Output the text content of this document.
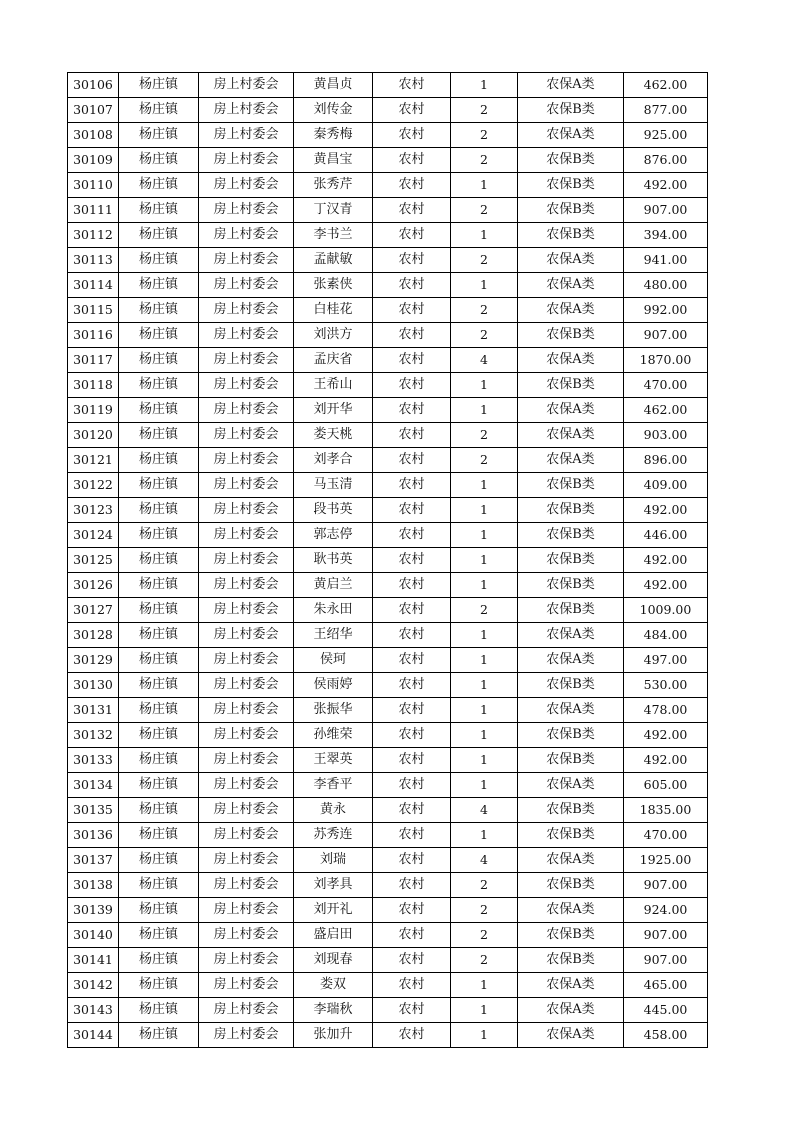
30106	杨庄镇	房上村委会	黄昌贞	农村	1	农保A类	462.00
30107	杨庄镇	房上村委会	刘传金	农村	2	农保B类	877.00
30108	杨庄镇	房上村委会	秦秀梅	农村	2	农保A类	925.00
30109	杨庄镇	房上村委会	黄昌宝	农村	2	农保B类	876.00
30110	杨庄镇	房上村委会	张秀芹	农村	1	农保B类	492.00
30111	杨庄镇	房上村委会	丁汉青	农村	2	农保B类	907.00
30112	杨庄镇	房上村委会	李书兰	农村	1	农保B类	394.00
30113	杨庄镇	房上村委会	孟献敏	农村	2	农保A类	941.00
30114	杨庄镇	房上村委会	张素侠	农村	1	农保A类	480.00
30115	杨庄镇	房上村委会	白桂花	农村	2	农保A类	992.00
30116	杨庄镇	房上村委会	刘洪方	农村	2	农保B类	907.00
30117	杨庄镇	房上村委会	孟庆省	农村	4	农保A类	1870.00
30118	杨庄镇	房上村委会	王希山	农村	1	农保B类	470.00
30119	杨庄镇	房上村委会	刘开华	农村	1	农保A类	462.00
30120	杨庄镇	房上村委会	娄天桃	农村	2	农保A类	903.00
30121	杨庄镇	房上村委会	刘孝合	农村	2	农保A类	896.00
30122	杨庄镇	房上村委会	马玉清	农村	1	农保B类	409.00
30123	杨庄镇	房上村委会	段书英	农村	1	农保B类	492.00
30124	杨庄镇	房上村委会	郭志停	农村	1	农保B类	446.00
30125	杨庄镇	房上村委会	耿书英	农村	1	农保B类	492.00
30126	杨庄镇	房上村委会	黄启兰	农村	1	农保B类	492.00
30127	杨庄镇	房上村委会	朱永田	农村	2	农保B类	1009.00
30128	杨庄镇	房上村委会	王绍华	农村	1	农保A类	484.00
30129	杨庄镇	房上村委会	侯珂	农村	1	农保A类	497.00
30130	杨庄镇	房上村委会	侯雨婷	农村	1	农保B类	530.00
30131	杨庄镇	房上村委会	张振华	农村	1	农保A类	478.00
30132	杨庄镇	房上村委会	孙维荣	农村	1	农保B类	492.00
30133	杨庄镇	房上村委会	王翠英	农村	1	农保B类	492.00
30134	杨庄镇	房上村委会	李香平	农村	1	农保A类	605.00
30135	杨庄镇	房上村委会	黄永	农村	4	农保B类	1835.00
30136	杨庄镇	房上村委会	苏秀连	农村	1	农保B类	470.00
30137	杨庄镇	房上村委会	刘瑞	农村	4	农保A类	1925.00
30138	杨庄镇	房上村委会	刘孝具	农村	2	农保B类	907.00
30139	杨庄镇	房上村委会	刘开礼	农村	2	农保A类	924.00
30140	杨庄镇	房上村委会	盛启田	农村	2	农保B类	907.00
30141	杨庄镇	房上村委会	刘现春	农村	2	农保B类	907.00
30142	杨庄镇	房上村委会	娄双	农村	1	农保A类	465.00
30143	杨庄镇	房上村委会	李瑞秋	农村	1	农保A类	445.00
30144	杨庄镇	房上村委会	张加升	农村	1	农保A类	458.00
